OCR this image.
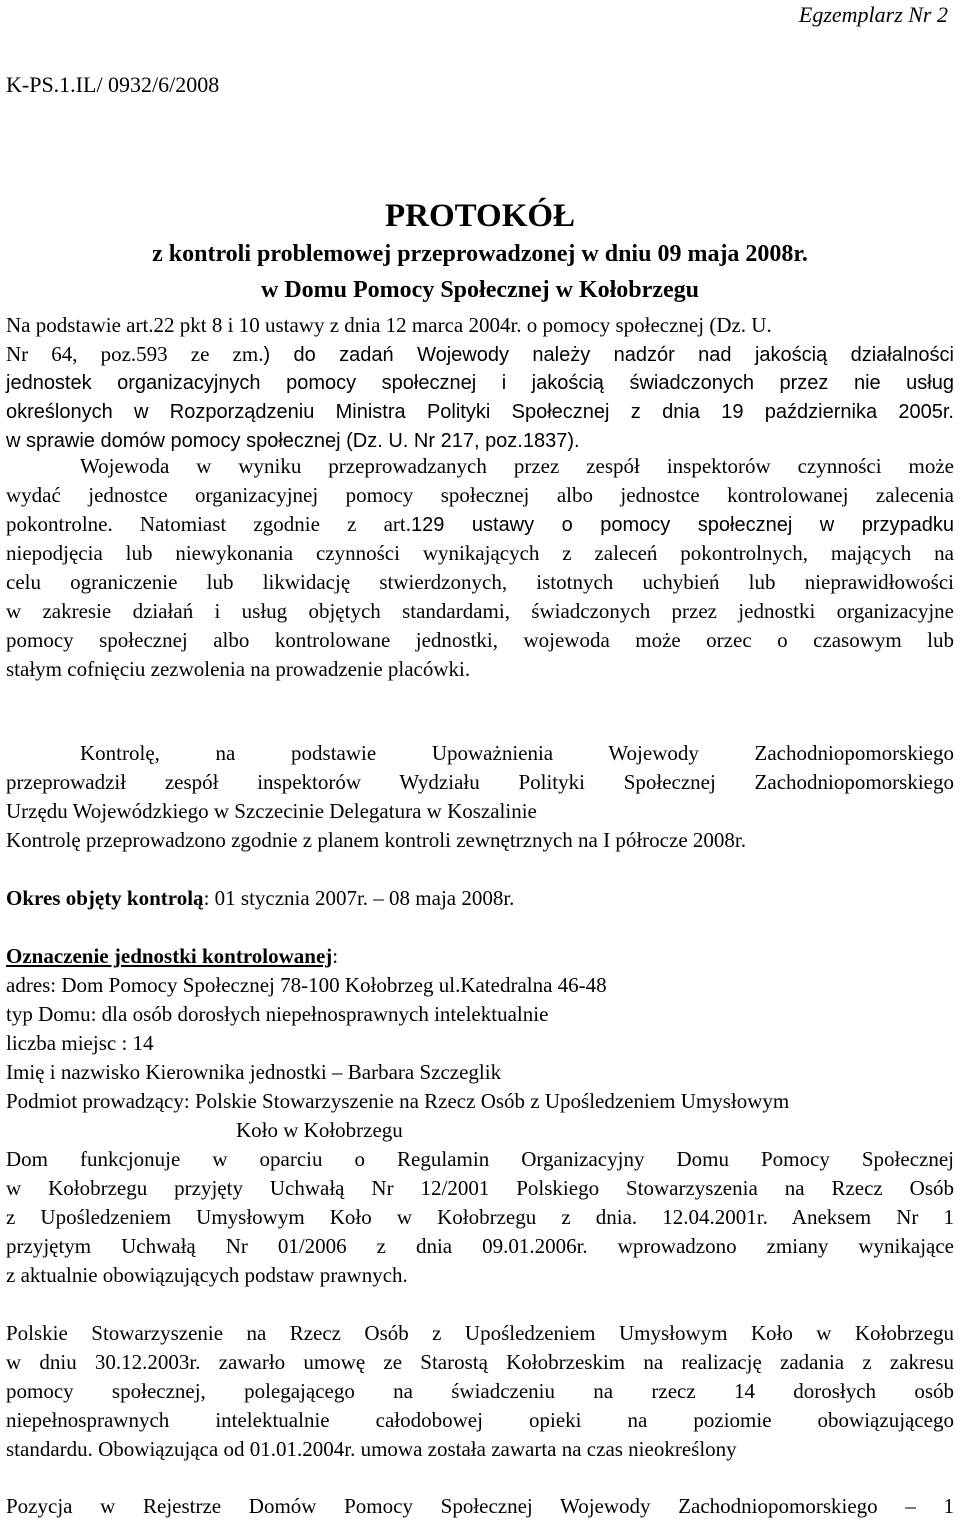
Egzemplarz Nr 2
K-PS.1.IL/ 0932/6/2008
PROTOKÓŁ
z kontroli problemowej przeprowadzonej w dniu 09 maja 2008r.
w Domu Pomocy Społecznej w Kołobrzegu
Na podstawie art.22 pkt 8 i 10 ustawy z dnia 12 marca 2004r. o pomocy społecznej (Dz. U.
Nr 64, poz.593 ze zm.) do zadań Wojewody należy nadzór nad jakością działalności
jednostek organizacyjnych pomocy społecznej i jakością świadczonych przez nie usług
określonych w Rozporządzeniu Ministra Polityki Społecznej z dnia 19 października 2005r.
w sprawie domów pomocy społecznej (Dz. U. Nr 217, poz.1837).
Wojewoda w wyniku przeprowadzanych przez zespół inspektorów czynności może
wydać jednostce organizacyjnej pomocy społecznej albo jednostce kontrolowanej zalecenia
pokontrolne. Natomiast zgodnie z art.129 ustawy o pomocy społecznej w przypadku
niepodjęcia lub niewykonania czynności wynikających z zaleceń pokontrolnych, mających na
celu ograniczenie lub likwidację stwierdzonych, istotnych uchybień lub nieprawidłowości
w zakresie działań i usług objętych standardami, świadczonych przez jednostki organizacyjne
pomocy społecznej albo kontrolowane jednostki, wojewoda może orzec o czasowym lub
stałym cofnięciu zezwolenia na prowadzenie placówki.
Kontrolę, na podstawie Upoważnienia Wojewody Zachodniopomorskiego
przeprowadził zespół inspektorów Wydziału Polityki Społecznej Zachodniopomorskiego
Urzędu Wojewódzkiego w Szczecinie Delegatura w Koszalinie
Kontrolę przeprowadzono zgodnie z planem kontroli zewnętrznych na I półrocze 2008r.
Okres objęty kontrolą: 01 stycznia 2007r. – 08 maja 2008r.
Oznaczenie jednostki kontrolowanej:
adres: Dom Pomocy Społecznej 78-100 Kołobrzeg ul.Katedralna 46-48
typ Domu: dla osób dorosłych niepełnosprawnych intelektualnie
liczba miejsc : 14
Imię i nazwisko Kierownika jednostki – Barbara Szczeglik
Podmiot prowadzący: Polskie Stowarzyszenie na Rzecz Osób z Upośledzeniem Umysłowym
Koło w Kołobrzegu
Dom funkcjonuje w oparciu o Regulamin Organizacyjny Domu Pomocy Społecznej
w Kołobrzegu przyjęty Uchwałą Nr 12/2001 Polskiego Stowarzyszenia na Rzecz Osób
z Upośledzeniem Umysłowym Koło w Kołobrzegu z dnia. 12.04.2001r. Aneksem Nr 1
przyjętym Uchwałą Nr 01/2006 z dnia 09.01.2006r. wprowadzono zmiany wynikające
z aktualnie obowiązujących podstaw prawnych.
Polskie Stowarzyszenie na Rzecz Osób z Upośledzeniem Umysłowym Koło w Kołobrzegu
w dniu 30.12.2003r. zawarło umowę ze Starostą Kołobrzeskim na realizację zadania z zakresu
pomocy społecznej, polegającego na świadczeniu na rzecz 14 dorosłych osób
niepełnosprawnych intelektualnie całodobowej opieki na poziomie obowiązującego
standardu. Obowiązująca od 01.01.2004r. umowa została zawarta na czas nieokreślony
Pozycja w Rejestrze Domów Pomocy Społecznej Wojewody Zachodniopomorskiego – 1
